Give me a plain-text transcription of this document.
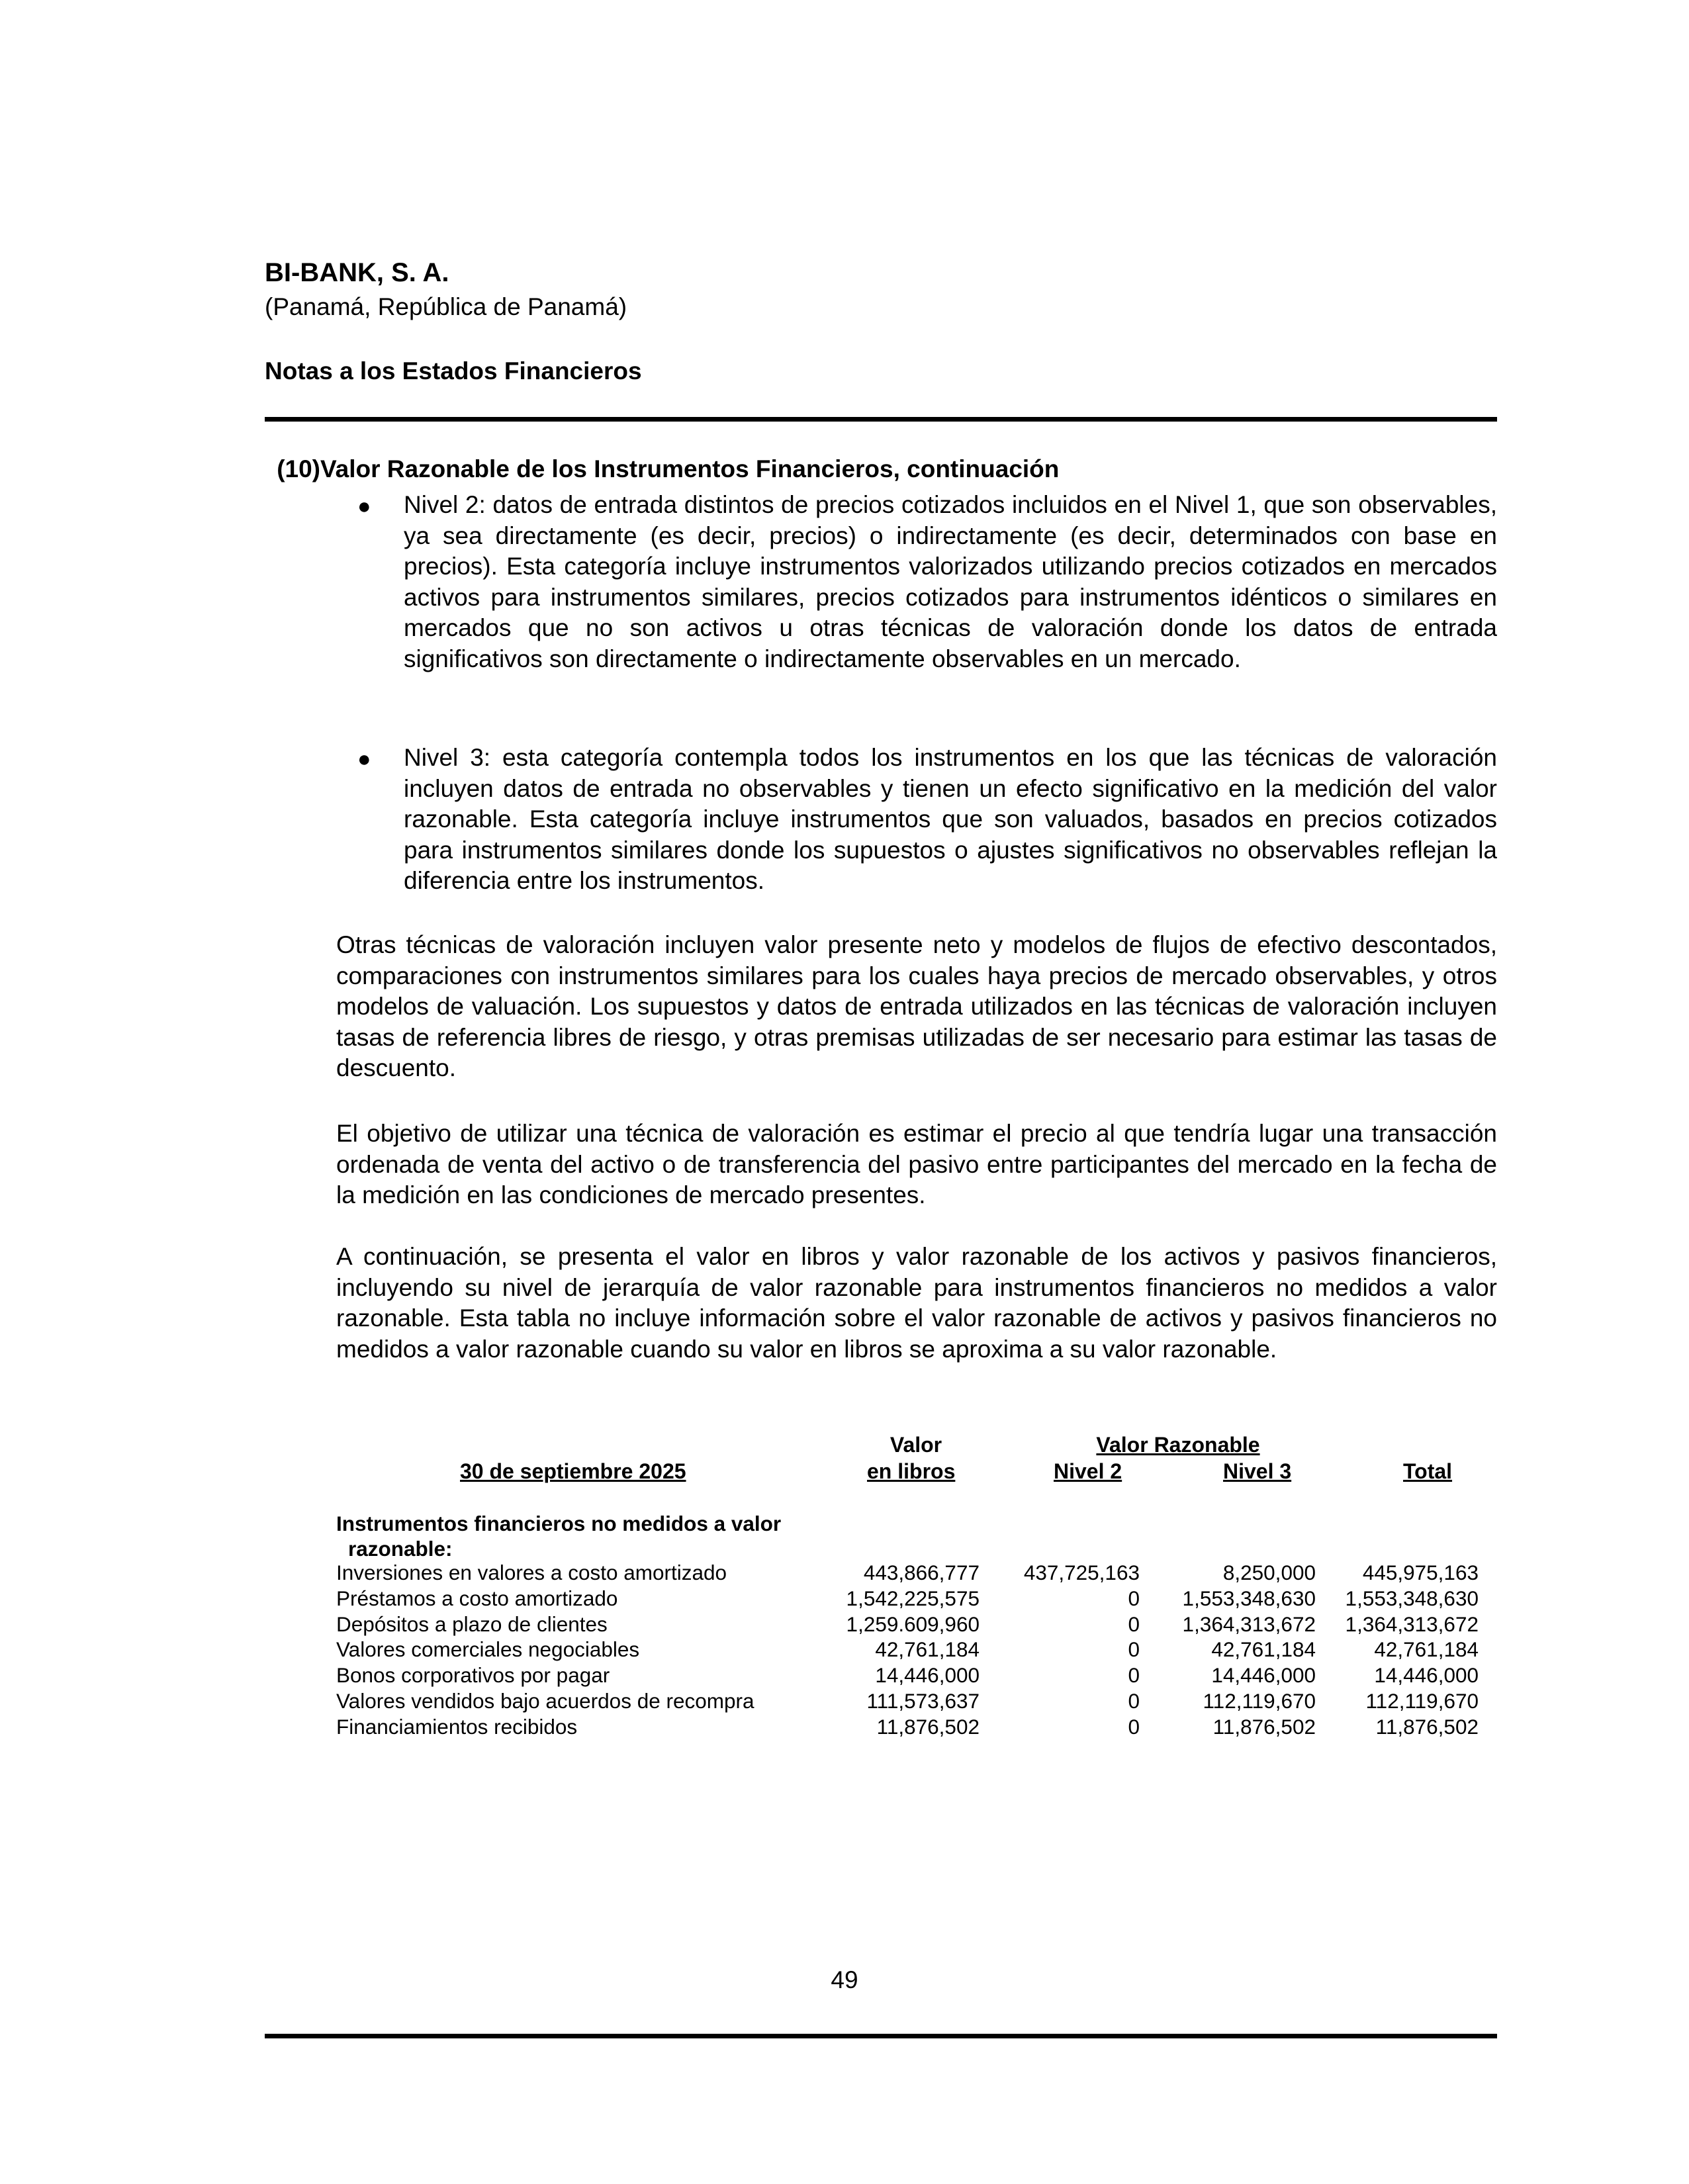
BI-BANK, S. A.
(Panamá, República de Panamá)
Notas a los Estados Financieros
(10)Valor Razonable de los Instrumentos Financieros, continuación
● Nivel 2: datos de entrada distintos de precios cotizados incluidos en el Nivel 1, que son observables, ya sea directamente (es decir, precios) o indirectamente (es decir, determinados con base en precios). Esta categoría incluye instrumentos valorizados utilizando precios cotizados en mercados activos para instrumentos similares, precios cotizados para instrumentos idénticos o similares en mercados que no son activos u otras técnicas de valoración donde los datos de entrada significativos son directamente o indirectamente observables en un mercado.
● Nivel 3: esta categoría contempla todos los instrumentos en los que las técnicas de valoración incluyen datos de entrada no observables y tienen un efecto significativo en la medición del valor razonable. Esta categoría incluye instrumentos que son valuados, basados en precios cotizados para instrumentos similares donde los supuestos o ajustes significativos no observables reflejan la diferencia entre los instrumentos.
Otras técnicas de valoración incluyen valor presente neto y modelos de flujos de efectivo descontados, comparaciones con instrumentos similares para los cuales haya precios de mercado observables, y otros modelos de valuación. Los supuestos y datos de entrada utilizados en las técnicas de valoración incluyen tasas de referencia libres de riesgo, y otras premisas utilizadas de ser necesario para estimar las tasas de descuento.
El objetivo de utilizar una técnica de valoración es estimar el precio al que tendría lugar una transacción ordenada de venta del activo o de transferencia del pasivo entre participantes del mercado en la fecha de la medición en las condiciones de mercado presentes.
A continuación, se presenta el valor en libros y valor razonable de los activos y pasivos financieros, incluyendo su nivel de jerarquía de valor razonable para instrumentos financieros no medidos a valor razonable. Esta tabla no incluye información sobre el valor razonable de activos y pasivos financieros no medidos a valor razonable cuando su valor en libros se aproxima a su valor razonable.
Valor	Valor Razonable
30 de septiembre 2025	en libros	Nivel 2	Nivel 3	Total
Instrumentos financieros no medidos a valor
razonable:
Inversiones en valores a costo amortizado	443,866,777 437,725,163	8,250,000 445,975,163
Préstamos a costo amortizado	1,542,225,575	0 1,553,348,630 1,553,348,630
Depósitos a plazo de clientes	1,259.609,960	0 1,364,313,672 1,364,313,672
Valores comerciales negociables	42,761,184	0	42,761,184	42,761,184
Bonos corporativos por pagar	14,446,000	0	14,446,000	14,446,000
Valores vendidos bajo acuerdos de recompra	111,573,637	0	112,119,670 112,119,670
Financiamientos recibidos	11,876,502	0	11,876,502	11,876,502
49
